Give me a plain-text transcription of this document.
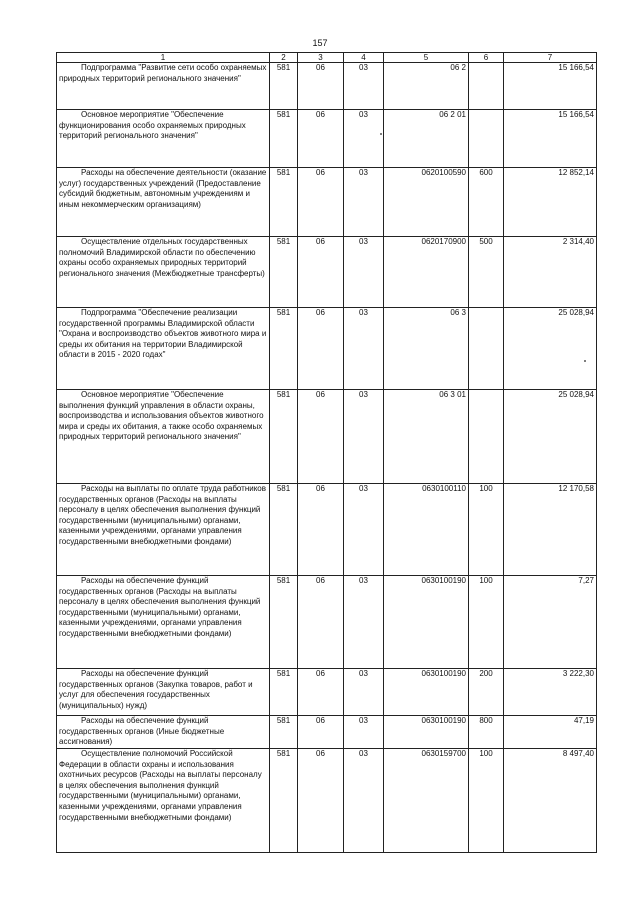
157
1	2	3	4	5	6	7
Подпрограмма "Развитие сети особо охраняемых природных территорий регионального значения"	581	06	03	06 2		15 166,54
Основное мероприятие "Обеспечение функционирования особо охраняемых природных территорий регионального значения"	581	06	03	06 2 01		15 166,54
Расходы на обеспечение деятельности (оказание услуг) государственных учреждений (Предоставление субсидий бюджетным, автономным учреждениям и иным некоммерческим организациям)	581	06	03	0620100590	600	12 852,14
Осуществление отдельных государственных полномочий Владимирской области по обеспечению охраны особо охраняемых природных территорий регионального значения (Межбюджетные трансферты)	581	06	03	0620170900	500	2 314,40
Подпрограмма "Обеспечение реализации государственной программы Владимирской области "Охрана и воспроизводство объектов животного мира и среды их обитания на территории Владимирской области в 2015 - 2020 годах"	581	06	03	06 3		25 028,94
Основное мероприятие "Обеспечение выполнения функций управления в области охраны, воспроизводства и использования объектов животного мира и среды их обитания, а также особо охраняемых природных территорий регионального значения"	581	06	03	06 3 01		25 028,94
Расходы на выплаты по оплате труда работников государственных органов (Расходы на выплаты персоналу в целях обеспечения выполнения функций государственными (муниципальными) органами, казенными учреждениями, органами управления государственными внебюджетными фондами)	581	06	03	0630100110	100	12 170,58
Расходы на обеспечение функций государственных органов (Расходы на выплаты персоналу в целях обеспечения выполнения функций государственными (муниципальными) органами, казенными учреждениями, органами управления государственными внебюджетными фондами)	581	06	03	0630100190	100	7,27
Расходы на обеспечение функций государственных органов (Закупка товаров, работ и услуг для обеспечения государственных (муниципальных) нужд)	581	06	03	0630100190	200	3 222,30
Расходы на обеспечение функций государственных органов (Иные бюджетные ассигнования)	581	06	03	0630100190	800	47,19
Осуществление полномочий Российской Федерации в области охраны и использования охотничьих ресурсов (Расходы на выплаты персоналу в целях обеспечения выполнения функций государственными (муниципальными) органами, казенными учреждениями, органами управления государственными внебюджетными фондами)	581	06	03	0630159700	100	8 497,40
